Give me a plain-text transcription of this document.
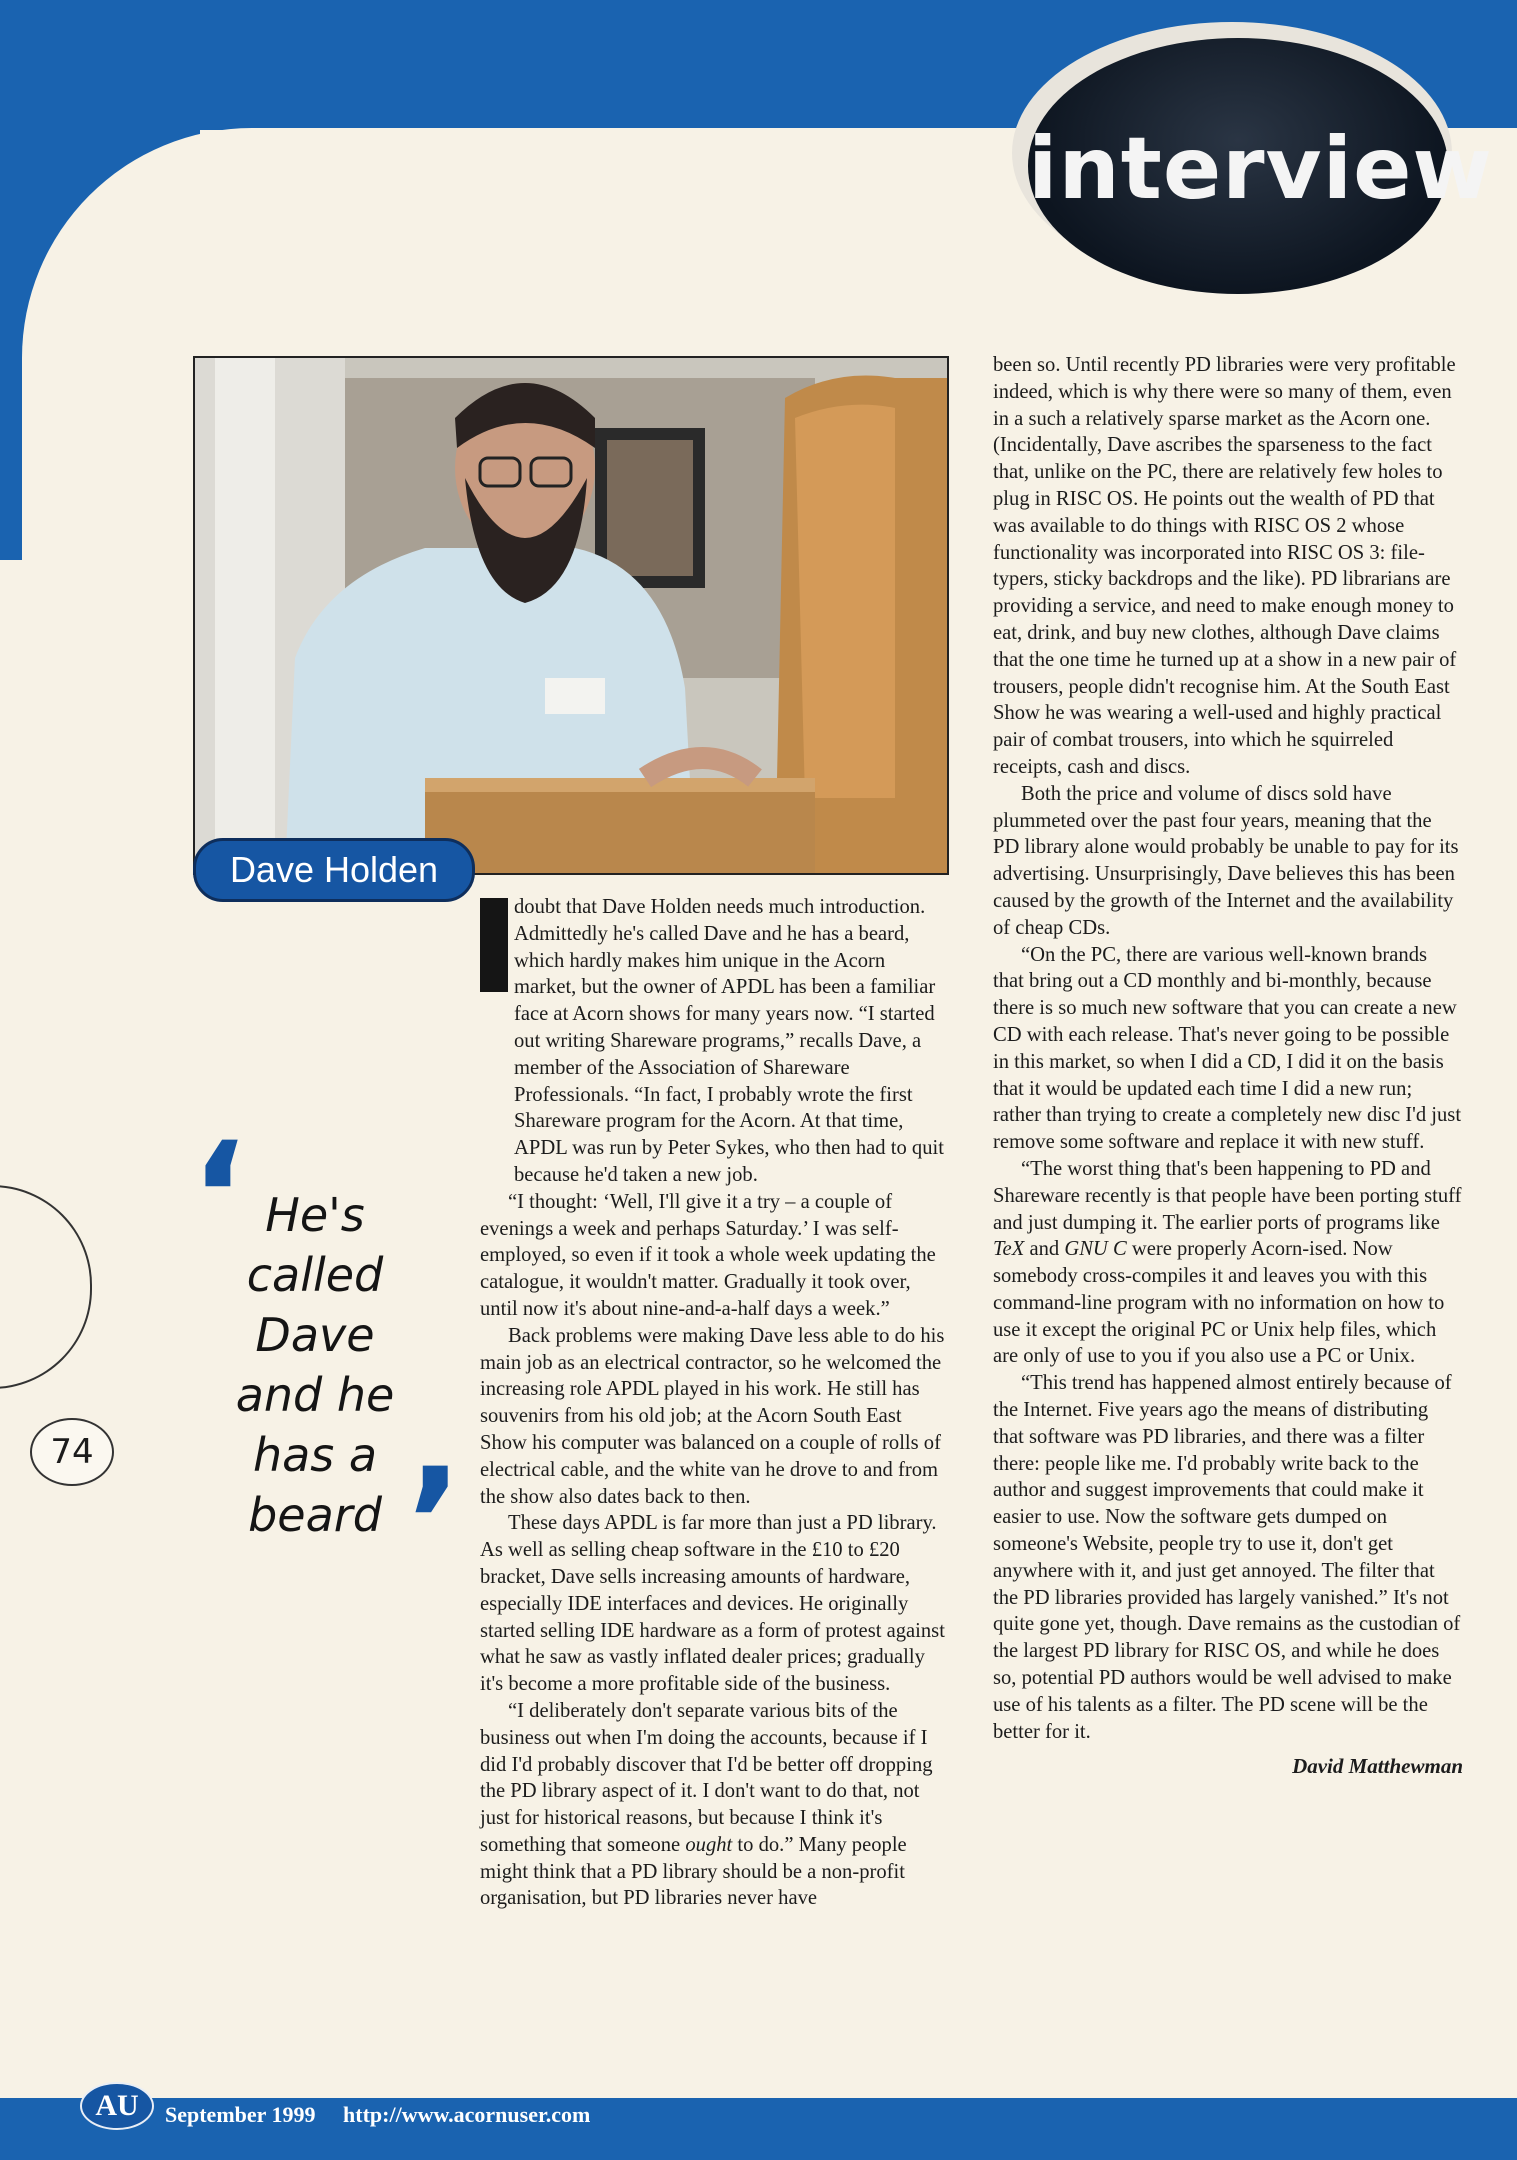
interview
Dave Holden
74
‘ He's
called
Dave
and he
has a
beard ’
I	doubt that Dave Holden needs much introduction. Admittedly he's called Dave and he has a beard, which hardly makes him unique in the Acorn market, but the owner of APDL has been a familiar face at Acorn shows for many years now. “I started out writing Shareware programs,” recalls Dave, a member of the Association of Shareware Professionals. “In fact, I probably wrote the first Shareware program for the Acorn. At that time, APDL was run by Peter Sykes, who then had to quit because he'd taken a new job.

“I thought: ‘Well, I'll give it a try – a couple of evenings a week and perhaps Saturday.’ I was self-employed, so even if it took a whole week updating the catalogue, it wouldn't matter. Gradually it took over, until now it's about nine-and-a-half days a week.”

Back problems were making Dave less able to do his main job as an electrical contractor, so he welcomed the increasing role APDL played in his work. He still has souvenirs from his old job; at the Acorn South East Show his computer was balanced on a couple of rolls of electrical cable, and the white van he drove to and from the show also dates back to then.

These days APDL is far more than just a PD library. As well as selling cheap software in the £10 to £20 bracket, Dave sells increasing amounts of hardware, especially IDE interfaces and devices. He originally started selling IDE hardware as a form of protest against what he saw as vastly inflated dealer prices; gradually it's become a more profitable side of the business.

“I deliberately don't separate various bits of the business out when I'm doing the accounts, because if I did I'd probably discover that I'd be better off dropping the PD library aspect of it. I don't want to do that, not just for historical reasons, but because I think it's something that someone ought to do.” Many people might think that a PD library should be a non-profit organisation, but PD libraries never have

been so. Until recently PD libraries were very profitable indeed, which is why there were so many of them, even in a such a relatively sparse market as the Acorn one. (Incidentally, Dave ascribes the sparseness to the fact that, unlike on the PC, there are relatively few holes to plug in RISC OS. He points out the wealth of PD that was available to do things with RISC OS 2 whose functionality was incorporated into RISC OS 3: file-typers, sticky backdrops and the like). PD librarians are providing a service, and need to make enough money to eat, drink, and buy new clothes, although Dave claims that the one time he turned up at a show in a new pair of trousers, people didn't recognise him. At the South East Show he was wearing a well-used and highly practical pair of combat trousers, into which he squirreled receipts, cash and discs.

Both the price and volume of discs sold have plummeted over the past four years, meaning that the PD library alone would probably be unable to pay for its advertising. Unsurprisingly, Dave believes this has been caused by the growth of the Internet and the availability of cheap CDs.

“On the PC, there are various well-known brands that bring out a CD monthly and bi-monthly, because there is so much new software that you can create a new CD with each release. That's never going to be possible in this market, so when I did a CD, I did it on the basis that it would be updated each time I did a new run; rather than trying to create a completely new disc I'd just remove some software and replace it with new stuff.

“The worst thing that's been happening to PD and Shareware recently is that people have been porting stuff and just dumping it. The earlier ports of programs like TeX and GNU C were properly Acorn-ised. Now somebody cross-compiles it and leaves you with this command-line program with no information on how to use it except the original PC or Unix help files, which are only of use to you if you also use a PC or Unix.

“This trend has happened almost entirely because of the Internet. Five years ago the means of distributing that software was PD libraries, and there was a filter there: people like me. I'd probably write back to the author and suggest improvements that could make it easier to use. Now the software gets dumped on someone's Website, people try to use it, don't get anywhere with it, and just get annoyed. The filter that the PD libraries provided has largely vanished.” It's not quite gone yet, though. Dave remains as the custodian of the largest PD library for RISC OS, and while he does so, potential PD authors would be well advised to make use of his talents as a filter. The PD scene will be the better for it.

David Matthewman
AU	September 1999 http://www.acornuser.com
